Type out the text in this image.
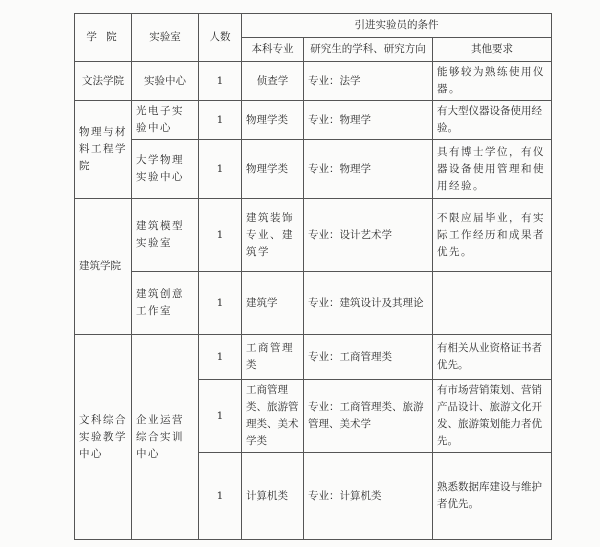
学 院	实验室	人数	引进实验员的条件		
			本科专业	研究生的学科、研究方向	其他要求
文法学院	实验中心	1	侦查学	专业：法学	能够较为熟练使用仪器。
物理与材料工程学院	光电子实验中心	1	物理学类	专业：物理学	有大型仪器设备使用经验。
	大学物理实验中心	1	物理学类	专业：物理学	具有博士学位，有仪器设备使用管理和使用经验。
建筑学院	建筑模型实验室	1	建筑装饰专业、建筑学	专业：设计艺术学	不限应届毕业，有实际工作经历和成果者优先。
	建筑创意工作室	1	建筑学	专业：建筑设计及其理论	
文科综合实验教学中心	企业运营综合实训中心	1	工商管理类	专业：工商管理类	有相关从业资格证书者优先。
		1	工商管理类、旅游管理类、美术学类	专业：工商管理类、旅游管理、美术学	有市场营销策划、营销产品设计、旅游文化开发、旅游策划能力者优先。
		1	计算机类	专业：计算机类	熟悉数据库建设与维护者优先。
